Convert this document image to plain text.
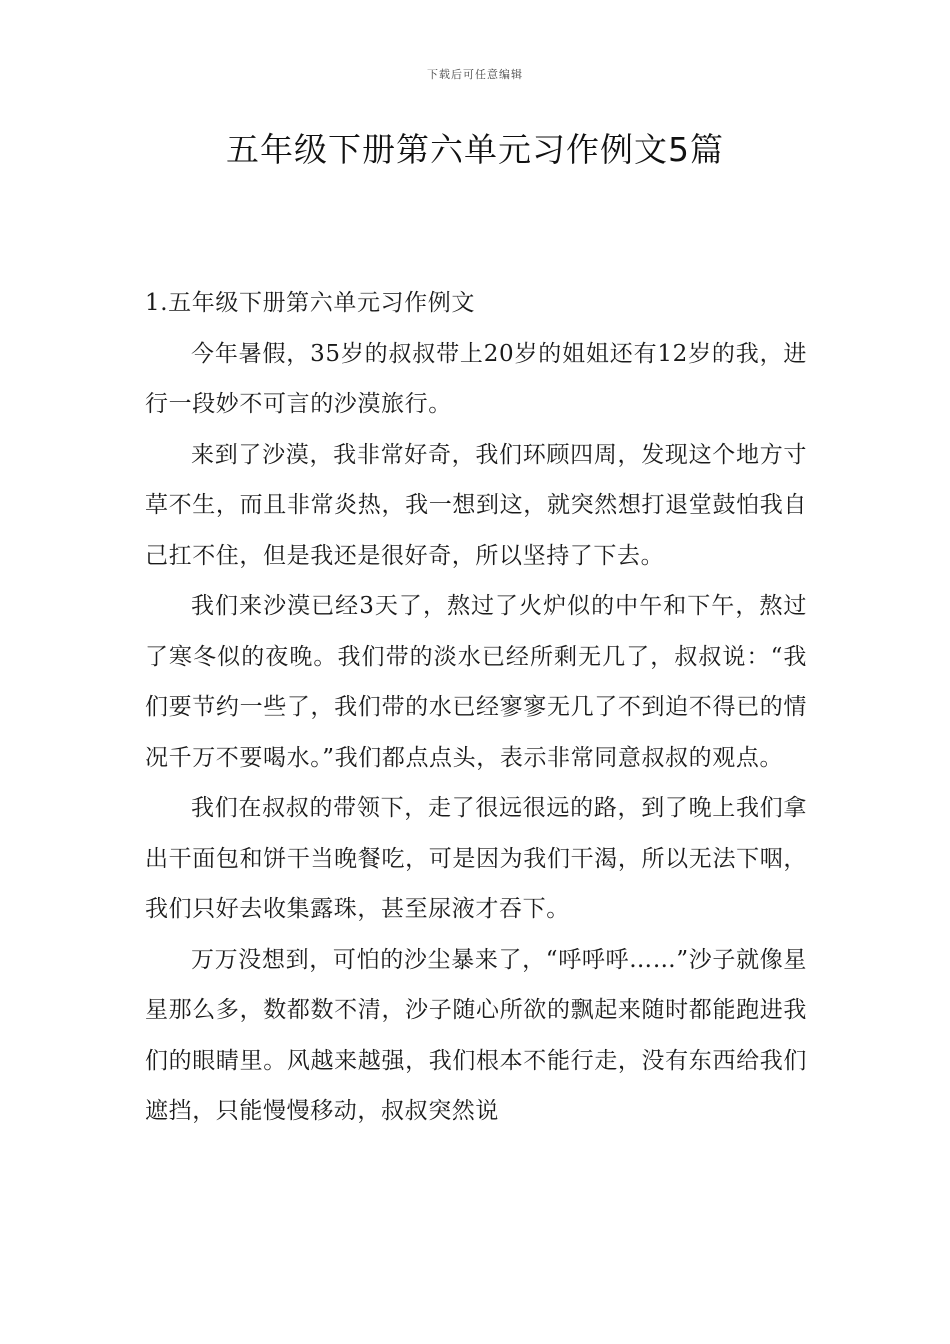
下载后可任意编辑
五年级下册第六单元习作例文5篇

1.五年级下册第六单元习作例文

今年暑假，35岁的叔叔带上20岁的姐姐还有12岁的我，进行一段妙不可言的沙漠旅行。

来到了沙漠，我非常好奇，我们环顾四周，发现这个地方寸草不生，而且非常炎热，我一想到这，就突然想打退堂鼓怕我自己扛不住，但是我还是很好奇，所以坚持了下去。

我们来沙漠已经3天了，熬过了火炉似的中午和下午，熬过了寒冬似的夜晚。我们带的淡水已经所剩无几了，叔叔说：“我们要节约一些了，我们带的水已经寥寥无几了不到迫不得已的情况千万不要喝水。”我们都点点头，表示非常同意叔叔的观点。

我们在叔叔的带领下，走了很远很远的路，到了晚上我们拿出干面包和饼干当晚餐吃，可是因为我们干渴，所以无法下咽，我们只好去收集露珠，甚至尿液才吞下。

万万没想到，可怕的沙尘暴来了，“呼呼呼……”沙子就像星星那么多，数都数不清，沙子随心所欲的飘起来随时都能跑进我们的眼睛里。风越来越强，我们根本不能行走，没有东西给我们遮挡，只能慢慢移动，叔叔突然说
